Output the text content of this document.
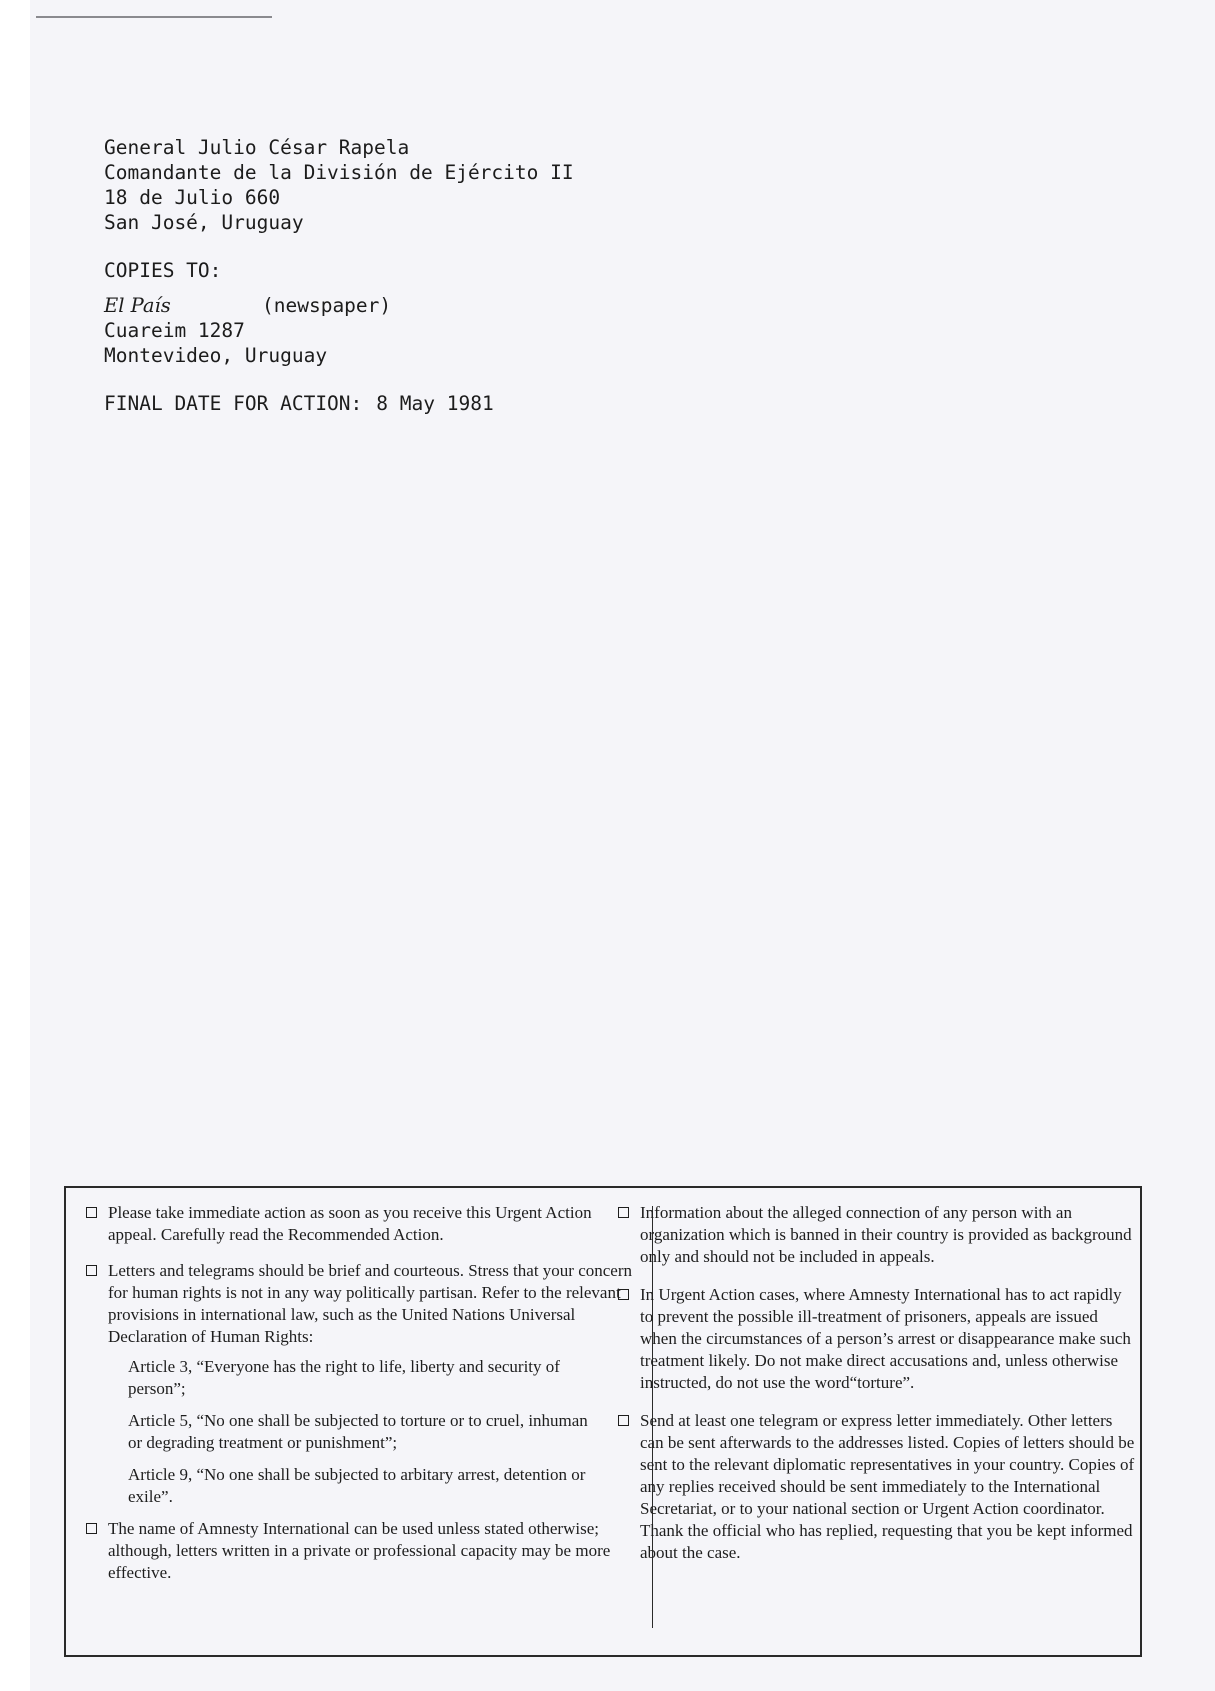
General Julio César Rapela
Comandante de la División de Ejército II
18 de Julio 660
San José, Uruguay
COPIES TO:
El País	(newspaper)
Cuareim 1287
Montevideo, Uruguay
FINAL DATE FOR ACTION: 8 May 1981

Please take immediate action as soon as you receive this Urgent Action appeal. Carefully read the Recommended Action.

Letters and telegrams should be brief and courteous. Stress that your concern for human rights is not in any way politically partisan. Refer to the relevant provisions in international law, such as the United Nations Universal Declaration of Human Rights:

Article 3, “Everyone has the right to life, liberty and security of person”;

Article 5, “No one shall be subjected to torture or to cruel, inhuman or degrading treatment or punishment”;

Article 9, “No one shall be subjected to arbitary arrest, detention or exile”.

The name of Amnesty International can be used unless stated otherwise; although, letters written in a private or professional capacity may be more effective.

Information about the alleged connection of any person with an organization which is banned in their country is provided as background only and should not be included in appeals.

In Urgent Action cases, where Amnesty International has to act rapidly to prevent the possible ill-treatment of prisoners, appeals are issued when the circumstances of a person’s arrest or disappearance make such treatment likely. Do not make direct accusations and, unless otherwise instructed, do not use the word“torture”.

Send at least one telegram or express letter immediately. Other letters can be sent afterwards to the addresses listed. Copies of letters should be sent to the relevant diplomatic representatives in your country. Copies of any replies received should be sent immediately to the International Secretariat, or to your national section or Urgent Action coordinator. Thank the official who has replied, requesting that you be kept informed about the case.
